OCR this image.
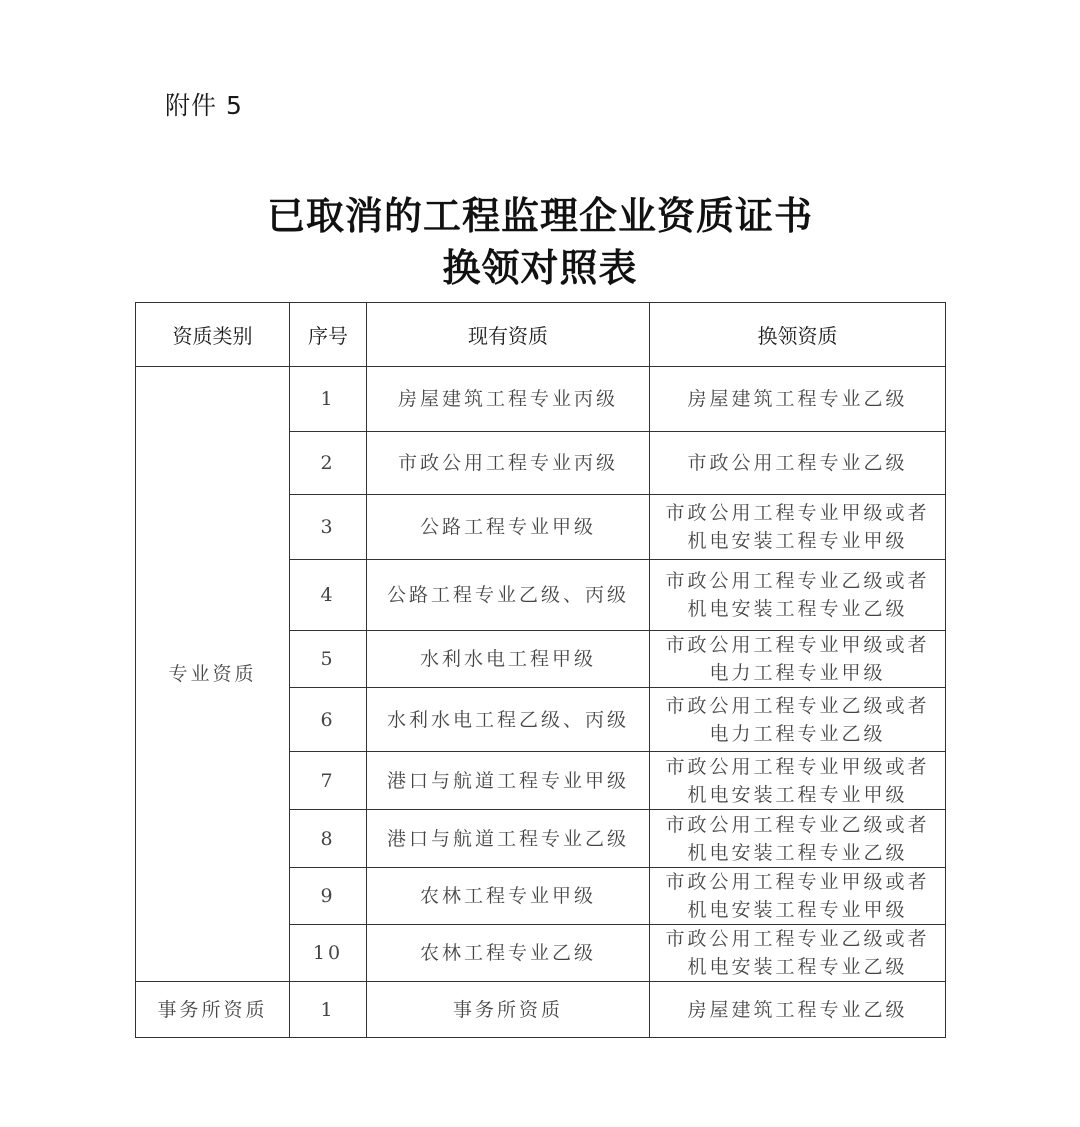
附件 5
已取消的工程监理企业资质证书
换领对照表
资质类别	序号	现有资质	换领资质
专业资质	1	房屋建筑工程专业丙级	房屋建筑工程专业乙级

	2	市政公用工程专业丙级	市政公用工程专业乙级

	3	公路工程专业甲级	市政公用工程专业甲级或者
机电安装工程专业甲级

	4	公路工程专业乙级、丙级	市政公用工程专业乙级或者
机电安装工程专业乙级

	5	水利水电工程甲级	市政公用工程专业甲级或者
电力工程专业甲级

	6	水利水电工程乙级、丙级	市政公用工程专业乙级或者
电力工程专业乙级

	7	港口与航道工程专业甲级	市政公用工程专业甲级或者
机电安装工程专业甲级

	8	港口与航道工程专业乙级	市政公用工程专业乙级或者
机电安装工程专业乙级

	9	农林工程专业甲级	市政公用工程专业甲级或者
机电安装工程专业甲级

	10	农林工程专业乙级	市政公用工程专业乙级或者
机电安装工程专业乙级

事务所资质	1	事务所资质	房屋建筑工程专业乙级
